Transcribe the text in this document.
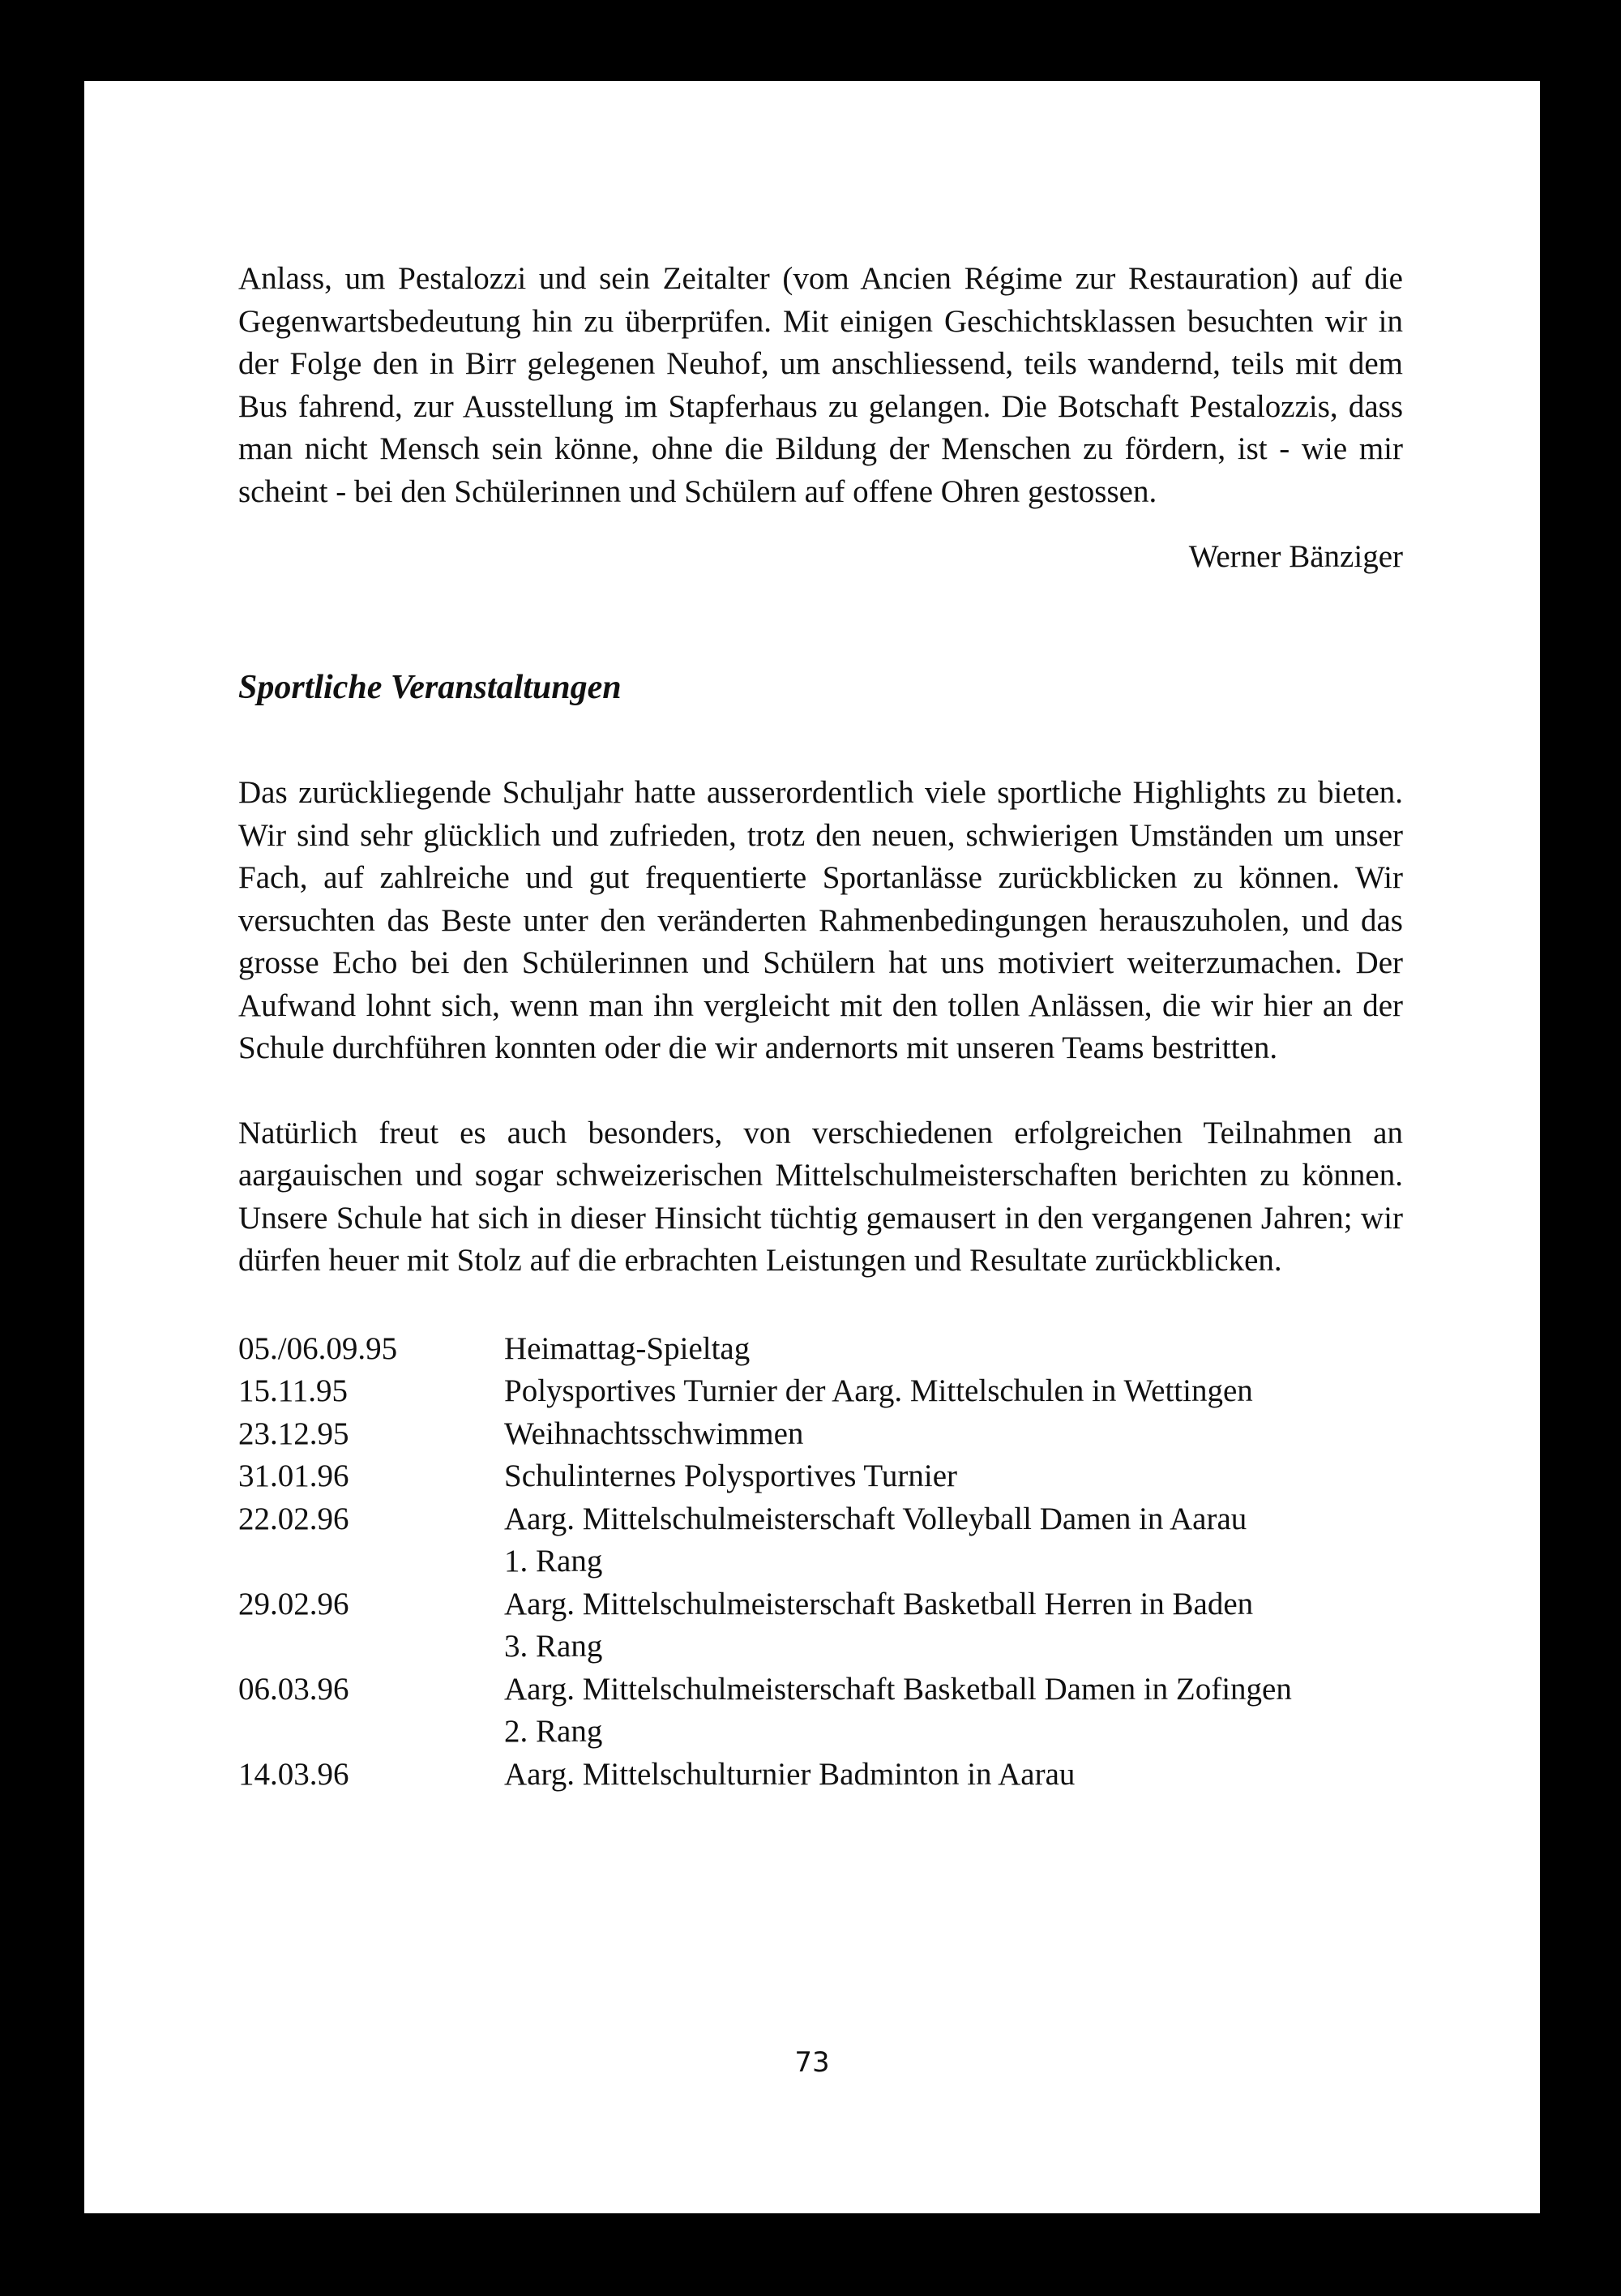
Anlass, um Pestalozzi und sein Zeitalter (vom Ancien Régime zur Restauration) auf die Gegenwartsbedeutung hin zu überprüfen. Mit einigen Geschichtsklassen besuchten wir in der Folge den in Birr gelegenen Neuhof, um anschliessend, teils wandernd, teils mit dem Bus fahrend, zur Ausstellung im Stapferhaus zu gelangen. Die Botschaft Pestalozzis, dass man nicht Mensch sein könne, ohne die Bildung der Menschen zu fördern, ist - wie mir scheint - bei den Schülerinnen und Schülern auf offene Ohren gestossen.

Werner Bänziger

Sportliche Veranstaltungen

Das zurückliegende Schuljahr hatte ausserordentlich viele sportliche Highlights zu bieten. Wir sind sehr glücklich und zufrieden, trotz den neuen, schwierigen Umständen um unser Fach, auf zahlreiche und gut frequentierte Sportanlässe zurückblicken zu können. Wir versuchten das Beste unter den veränderten Rahmenbedingungen herauszuholen, und das grosse Echo bei den Schülerinnen und Schülern hat uns motiviert weiterzumachen. Der Aufwand lohnt sich, wenn man ihn vergleicht mit den tollen Anlässen, die wir hier an der Schule durchführen konnten oder die wir andernorts mit unseren Teams bestritten.

Natürlich freut es auch besonders, von verschiedenen erfolgreichen Teilnahmen an aargauischen und sogar schweizerischen Mittelschulmeisterschaften berichten zu können. Unsere Schule hat sich in dieser Hinsicht tüchtig gemausert in den vergangenen Jahren; wir dürfen heuer mit Stolz auf die erbrachten Leistungen und Resultate zurückblicken.

05./06.09.95	Heimattag-Spieltag
15.11.95	Polysportives Turnier der Aarg. Mittelschulen in Wettingen
23.12.95	Weihnachtsschwimmen
31.01.96	Schulinternes Polysportives Turnier
22.02.96	Aarg. Mittelschulmeisterschaft Volleyball Damen in Aarau
1. Rang
29.02.96	Aarg. Mittelschulmeisterschaft Basketball Herren in Baden
3. Rang
06.03.96	Aarg. Mittelschulmeisterschaft Basketball Damen in Zofingen
2. Rang
14.03.96	Aarg. Mittelschulturnier Badminton in Aarau
73
